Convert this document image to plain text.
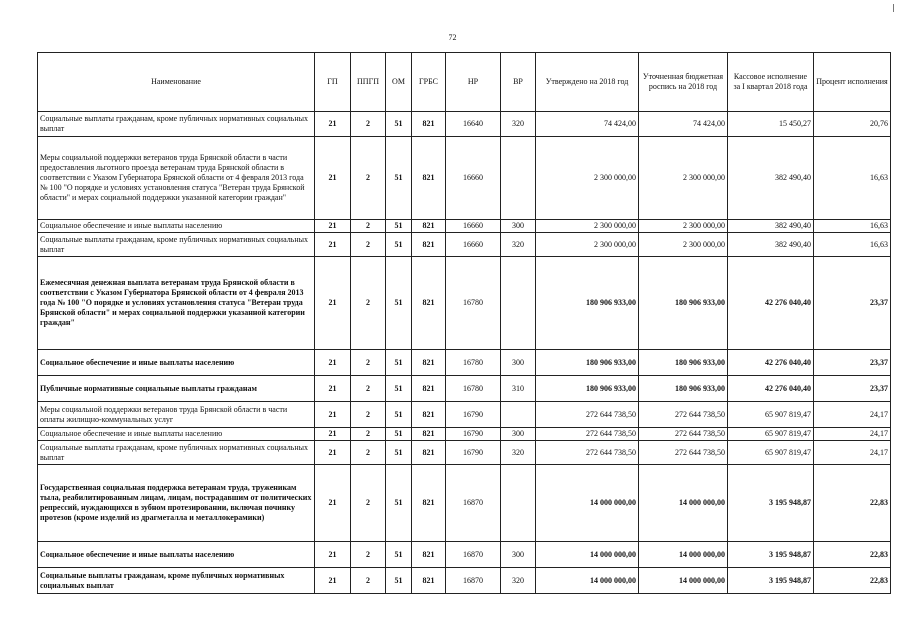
72
Наименование	ГП	ППГП	ОМ	ГРБС	НР	ВР	Утверждено на 2018 год	Уточненная бюджетная роспись на 2018 год	Кассовое исполнение за I квартал 2018 года	Процент исполнения
Социальные выплаты гражданам, кроме публичных нормативных социальных выплат	21	2	51	821	16640	320	74 424,00	74 424,00	15 450,27	20,76
Меры социальной поддержки ветеранов труда Брянской области в части предоставления льготного проезда ветеранам труда Брянской области в соответствии с Указом Губернатора Брянской области от 4 февраля 2013 года № 100 "О порядке и условиях установления статуса "Ветеран труда Брянской области" и мерах социальной поддержки указанной категории граждан"	21	2	51	821	16660		2 300 000,00	2 300 000,00	382 490,40	16,63
Социальное обеспечение и иные выплаты населению	21	2	51	821	16660	300	2 300 000,00	2 300 000,00	382 490,40	16,63
Социальные выплаты гражданам, кроме публичных нормативных социальных выплат	21	2	51	821	16660	320	2 300 000,00	2 300 000,00	382 490,40	16,63
Ежемесячная денежная выплата ветеранам труда Брянской области в соответствии с Указом Губернатора Брянской области от 4 февраля 2013 года № 100 "О порядке и условиях установления статуса "Ветеран труда Брянской области" и мерах социальной поддержки указанной категории граждан"	21	2	51	821	16780		180 906 933,00	180 906 933,00	42 276 040,40	23,37
Социальное обеспечение и иные выплаты населению	21	2	51	821	16780	300	180 906 933,00	180 906 933,00	42 276 040,40	23,37
Публичные нормативные социальные выплаты гражданам	21	2	51	821	16780	310	180 906 933,00	180 906 933,00	42 276 040,40	23,37
Меры социальной поддержки ветеранов труда Брянской области в части оплаты жилищно-коммунальных услуг	21	2	51	821	16790		272 644 738,50	272 644 738,50	65 907 819,47	24,17
Социальное обеспечение и иные выплаты населению	21	2	51	821	16790	300	272 644 738,50	272 644 738,50	65 907 819,47	24,17
Социальные выплаты гражданам, кроме публичных нормативных социальных выплат	21	2	51	821	16790	320	272 644 738,50	272 644 738,50	65 907 819,47	24,17
Государственная социальная поддержка ветеранам труда, труженикам тыла, реабилитированным лицам, лицам, пострадавшим от политических репрессий, нуждающихся в зубном протезировании, включая починку протезов (кроме изделий из драгметалла и металлокерамики)	21	2	51	821	16870		14 000 000,00	14 000 000,00	3 195 948,87	22,83
Социальное обеспечение и иные выплаты населению	21	2	51	821	16870	300	14 000 000,00	14 000 000,00	3 195 948,87	22,83
Социальные выплаты гражданам, кроме публичных нормативных социальных выплат	21	2	51	821	16870	320	14 000 000,00	14 000 000,00	3 195 948,87	22,83
